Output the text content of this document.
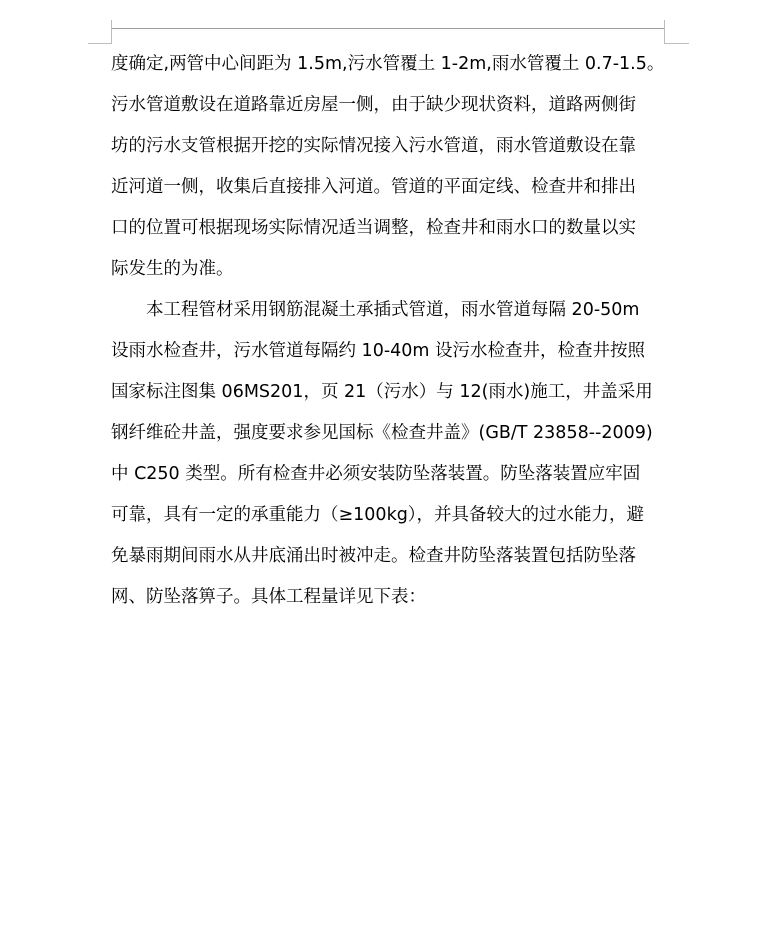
度确定,两管中心间距为 1.5m,污水管覆土 1-2m,雨水管覆土 0.7-1.5。
污水管道敷设在道路靠近房屋一侧，由于缺少现状资料，道路两侧街
坊的污水支管根据开挖的实际情况接入污水管道，雨水管道敷设在靠
近河道一侧，收集后直接排入河道。管道的平面定线、检查井和排出
口的位置可根据现场实际情况适当调整，检查井和雨水口的数量以实
际发生的为准。
　　本工程管材采用钢筋混凝土承插式管道，雨水管道每隔 20-50m
设雨水检查井，污水管道每隔约 10-40m 设污水检查井，检查井按照
国家标注图集 06MS201，页 21（污水）与 12(雨水)施工，井盖采用
钢纤维砼井盖，强度要求参见国标《检查井盖》(GB/T 23858--2009)
中 C250 类型。所有检查井必须安装防坠落装置。防坠落装置应牢固
可靠，具有一定的承重能力（≥100kg），并具备较大的过水能力，避
免暴雨期间雨水从井底涌出时被冲走。检查井防坠落装置包括防坠落
网、防坠落箅子。具体工程量详见下表：
